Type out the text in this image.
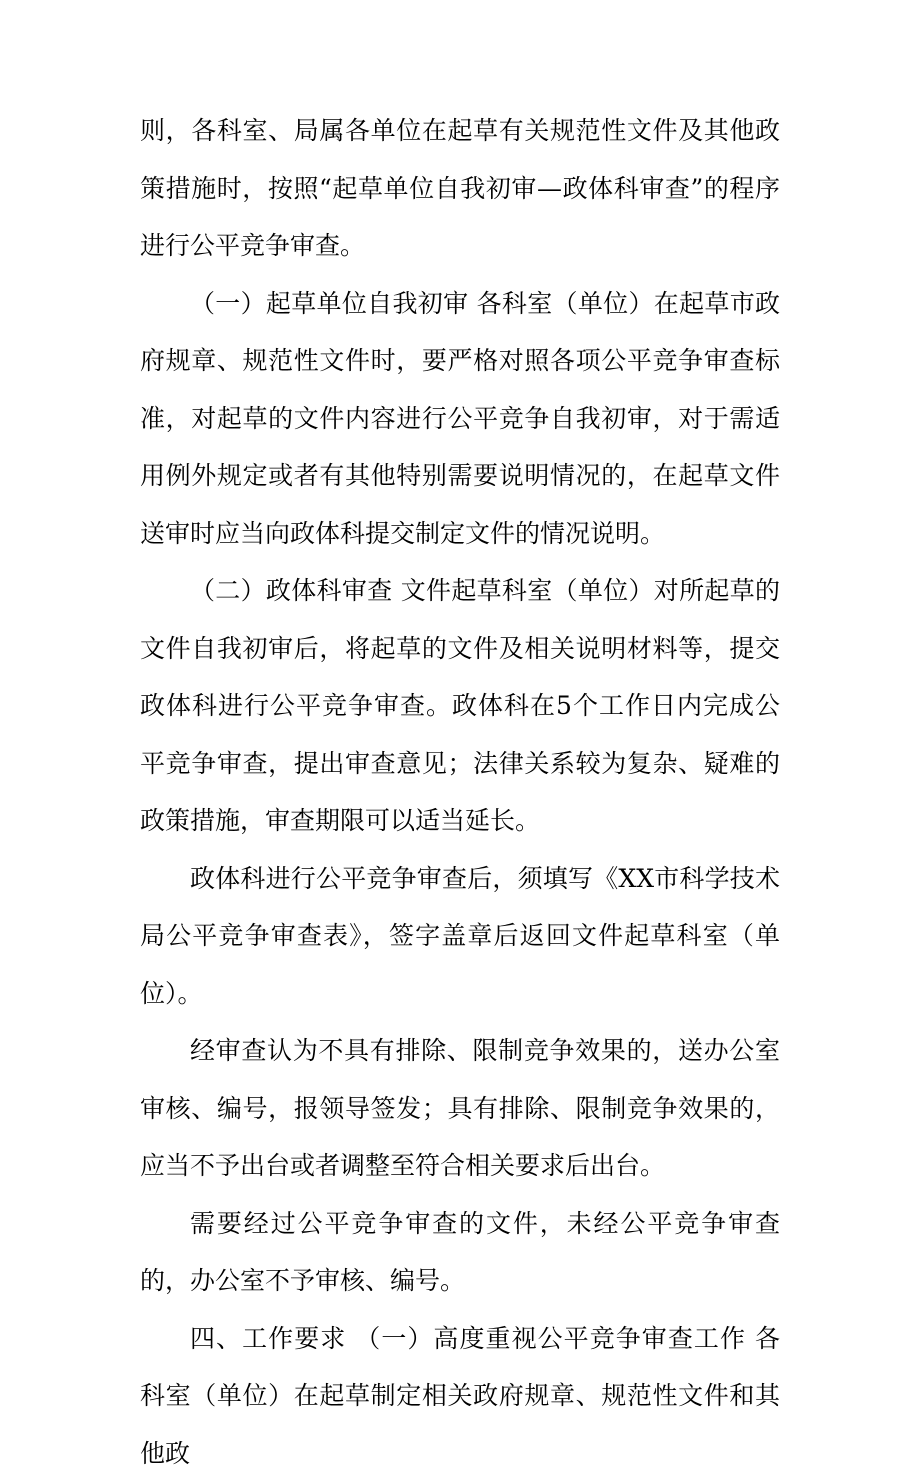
则，各科室、局属各单位在起草有关规范性文件及其他政策措施时，按照“起草单位自我初审—政体科审查”的程序进行公平竞争审查。

（一）起草单位自我初审 各科室（单位）在起草市政府规章、规范性文件时，要严格对照各项公平竞争审查标准，对起草的文件内容进行公平竞争自我初审，对于需适用例外规定或者有其他特别需要说明情况的，在起草文件送审时应当向政体科提交制定文件的情况说明。

（二）政体科审查 文件起草科室（单位）对所起草的文件自我初审后，将起草的文件及相关说明材料等，提交政体科进行公平竞争审查。政体科在5个工作日内完成公平竞争审查，提出审查意见；法律关系较为复杂、疑难的政策措施，审查期限可以适当延长。

政体科进行公平竞争审查后，须填写《XX市科学技术局公平竞争审查表》，签字盖章后返回文件起草科室（单位）。

经审查认为不具有排除、限制竞争效果的，送办公室审核、编号，报领导签发；具有排除、限制竞争效果的，应当不予出台或者调整至符合相关要求后出台。

需要经过公平竞争审查的文件，未经公平竞争审查的，办公室不予审核、编号。

四、工作要求 （一）高度重视公平竞争审查工作 各科室（单位）在起草制定相关政府规章、规范性文件和其他政
